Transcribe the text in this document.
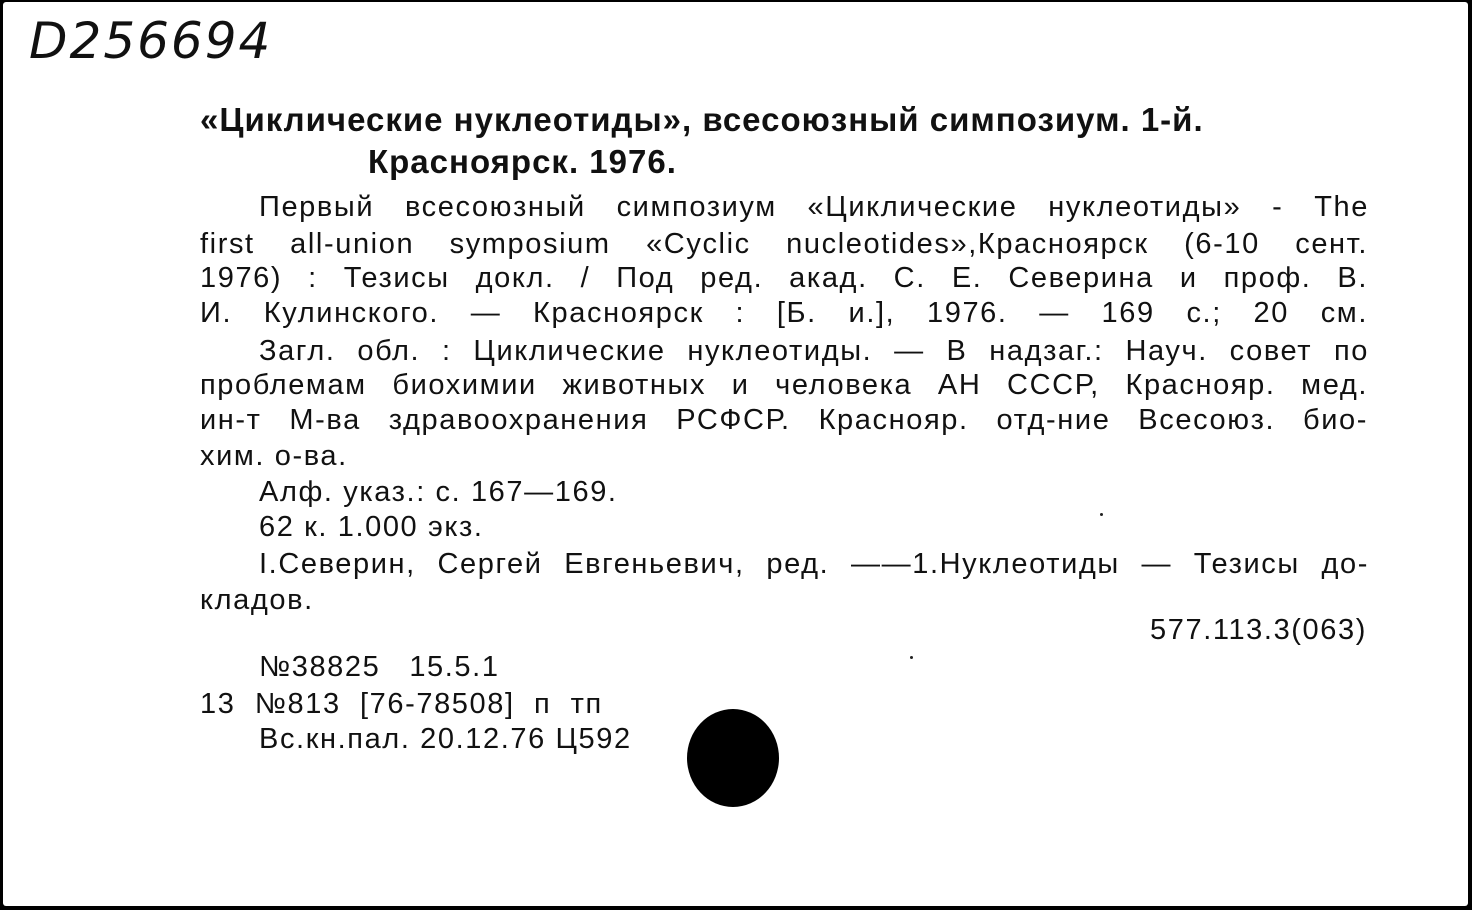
D256694
«Циклические нуклеотиды», всесоюзный симпозиум. 1-й.
Красноярск. 1976.
Первый всесоюзный симпозиум «Циклические нуклеотиды» - The
first all-union symposium «Cyclic nucleotides»,Красноярск (6-10 сент.
1976) : Тезисы докл. / Под ред. акад. С. Е. Северина и проф. В.
И. Кулинского. — Красноярск : [Б. и.], 1976. — 169 с.; 20 см.
Загл. обл. : Циклические нуклеотиды. — В надзаг.: Науч. совет по
проблемам биохимии животных и человека АН СССР, Краснояр. мед.
ин-т М-ва здравоохранения РСФСР. Краснояр. отд-ние Всесоюз. био-
хим. о-ва.
Алф. указ.: с. 167—169.
62 к. 1.000 экз.
I.Северин, Сергей Евгеньевич, ред. ——1.Нуклеотиды — Тезисы до-
кладов.
577.113.3(063)
№38825   15.5.1
13  №813  [76-78508]  п  тп
Вс.кн.пал. 20.12.76 Ц592
